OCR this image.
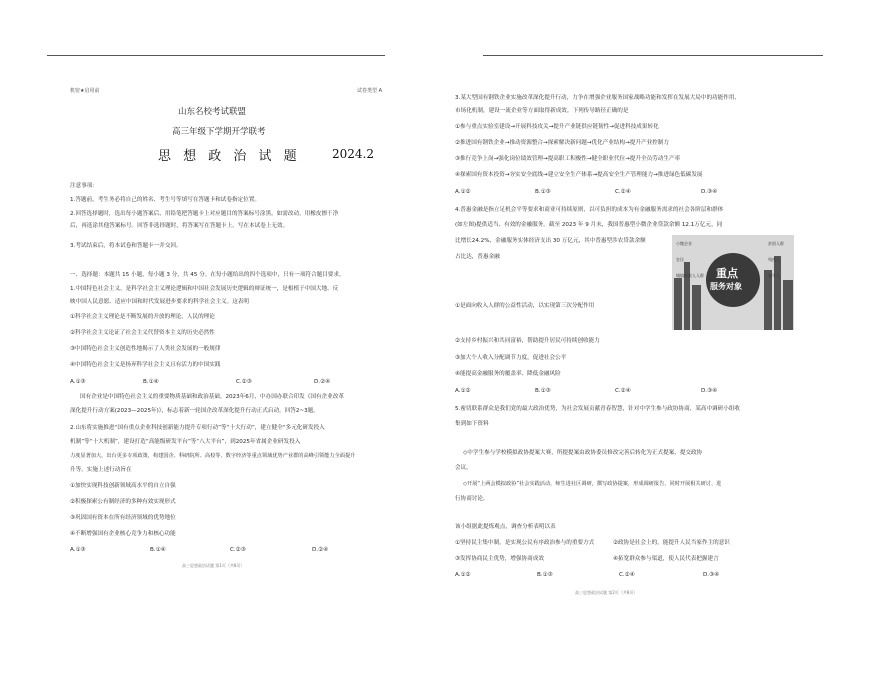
机密★启用前	试卷类型 A
山东名校考试联盟
高三年级下学期开学联考
思 想 政 治 试 题	2024.2
注意事项：
1.答题前，考生务必将自己的姓名、考生号等填写在答题卡和试卷指定位置。
2.回答选择题时，选出每小题答案后，用铅笔把答题卡上对应题目的答案标号涂黑。如需改动，用橡皮擦干净
后，再选涂其他答案标号。回答非选择题时，将答案写在答题卡上。写在本试卷上无效。
3.考试结束后，将本试卷和答题卡一并交回。
一、选择题：本题共 15 小题，每小题 3 分，共 45 分。在每小题给出的四个选项中，只有一项符合题目要求。
1.中国特色社会主义，是科学社会主义理论逻辑和中国社会发展历史逻辑的辩证统一，是根植于中国大地、反
映中国人民意愿、适应中国和时代发展进步要求的科学社会主义。这表明
①科学社会主义理论是不断发展的开放的理论，人民的理论
②科学社会主义论证了社会主义代替资本主义的历史必然性
③中国特色社会主义创造性地揭示了人类社会发展的一般规律
④中国特色社会主义是扬弃科学社会主义且有活力的中国实践
A.①③	B.①④	C.②③	D.②④
国有企业是中国特色社会主义的重要物质基础和政治基础。2023年6月，中办国办联合印发《国有企业改革
深化提升行动方案(2023—2025年)》，标志着新一轮国企改革深化提升行动正式启动。回答2~3题。
2.山东将实施推进“国有重点企业科技创新能力提升专项行动”等“十大行动”，建立健全“多元化研发投入
机制”等“十大机制”，建设打造“高能级研发平台”等“八大平台”，到2025年省属企业研发投入
力度显著加大，出台更多专项政策，构建国企、科研院所、高校等、数字经济等重点领域优势产业群的高峰引领能力全面提升
升等。实施上述行动旨在
①加快实现科技创新领域高水平的自立自强
②积极探索公有制经济的多种有效实现形式
③巩固国有资本在所有经济领域的优势地位
④不断增强国有企业核心竞争力和核心功能
A.①③	B.①④	C.②③	D.②④
高三思想政治试题 第1页（共8页）
3.某大型国有钢铁企业实施改革深化提升行动，力争在增强企业服务国家战略功能和发挥在发展大局中的功能作用、
市场化机制，建设一流企业等方面取得新成效。下列传导路径正确的是
①参与重点实验室建设→开展科技攻关→提升产业链供应链韧性→促进科技成果转化
②推进国有钢铁企业→推动资源整合→探索解决新问题→优化产业结构→提升产业控制力
③推行竞争上岗→强化岗位绩效管理→提高职工积极性→健全职业代位→提升全员劳动生产率
④探索国有资本投资→夯实安全底线→建立安全生产体系→提高安全生产管理能力→推进绿色低碳发展
A.①②	B.①③	C.②④	D.③④
4.普惠金融是指立足机会平等要求和商业可持续原则，以可负担的成本为有金融服务需求的社会各阶层和群体
(如左图)提供适当、有效的金融服务。截至 2023 年 9 月末，我国普惠型小微企业贷款余额 12.1万亿元，同
比增长24.2%，金融服务实体经济支出 30 万亿元，其中普惠型涉农贷款余额
占比达，普惠金融
重点
服务对象
小微企业
农民
城镇低收入人群
贫困人群
残疾人
老年人
①是面向收入人群的公益性活动，以实现第三次分配作用
②支持乡村振兴和共同富裕，帮助提升居民可持续创收能力
③加大个人收入分配调节力度，促进社会公平
④能提高金融服务的覆盖率、降低金融风险
A.①②	B.①③	C.②④	D.③④
5.密切联系群众是我们党的最大政治优势，为社会发展贡献青春智慧，针对中学生参与政协协商，某高中调研小组收
集到如下资料
◇中学生参与学校模拟政协提案大赛，所提提案由政协委员修改完善后转化为正式提案，提交政协
会议。
◇开展“上两会模拟政协”社会实践活动，师生进社区调研，撰写政协提案，形成调研报告，同时开展相关研讨、进
行协商讨论。
该小组据此提炼观点，调查分析表明以表
①坚持民主集中制，是实现公民有序政治参与的重要方式	②政协是社会上的，能提升人民当家作主的意识
③发挥协商民主优势，增强协商成效	④拓宽群众参与渠道，使人民代表把握建言
A.①②	B.①③	C.②④	D.③④
高三思想政治试题 第2页（共8页）
